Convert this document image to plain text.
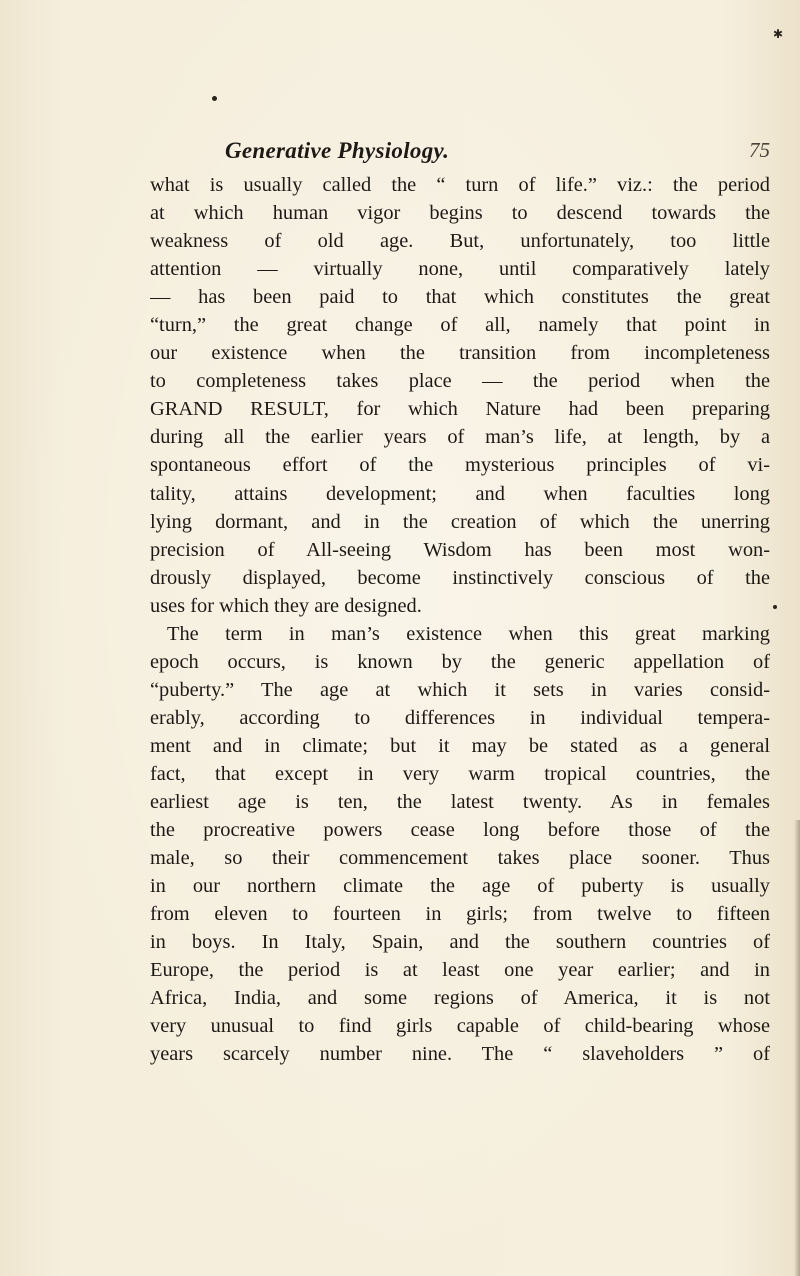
✱
Generative Physiology.	75
what is usually called the “ turn of life.” viz.: the period
at which human vigor begins to descend towards the
weakness of old age. But, unfortunately, too little
attention — virtually none, until comparatively lately
— has been paid to that which constitutes the great
“turn,” the great change of all, namely that point in
our existence when the transition from incompleteness
to completeness takes place — the period when the
GRAND RESULT, for which Nature had been preparing
during all the earlier years of man’s life, at length, by a
spontaneous effort of the mysterious principles of vi-
tality, attains development; and when faculties long
lying dormant, and in the creation of which the unerring
precision of All-seeing Wisdom has been most won-
drously displayed, become instinctively conscious of the
uses for which they are designed.
The term in man’s existence when this great marking
epoch occurs, is known by the generic appellation of
“puberty.” The age at which it sets in varies consid-
erably, according to differences in individual tempera-
ment and in climate; but it may be stated as a general
fact, that except in very warm tropical countries, the
earliest age is ten, the latest twenty. As in females
the procreative powers cease long before those of the
male, so their commencement takes place sooner. Thus
in our northern climate the age of puberty is usually
from eleven to fourteen in girls; from twelve to fifteen
in boys. In Italy, Spain, and the southern countries of
Europe, the period is at least one year earlier; and in
Africa, India, and some regions of America, it is not
very unusual to find girls capable of child-bearing whose
years scarcely number nine. The “ slaveholders ” of
